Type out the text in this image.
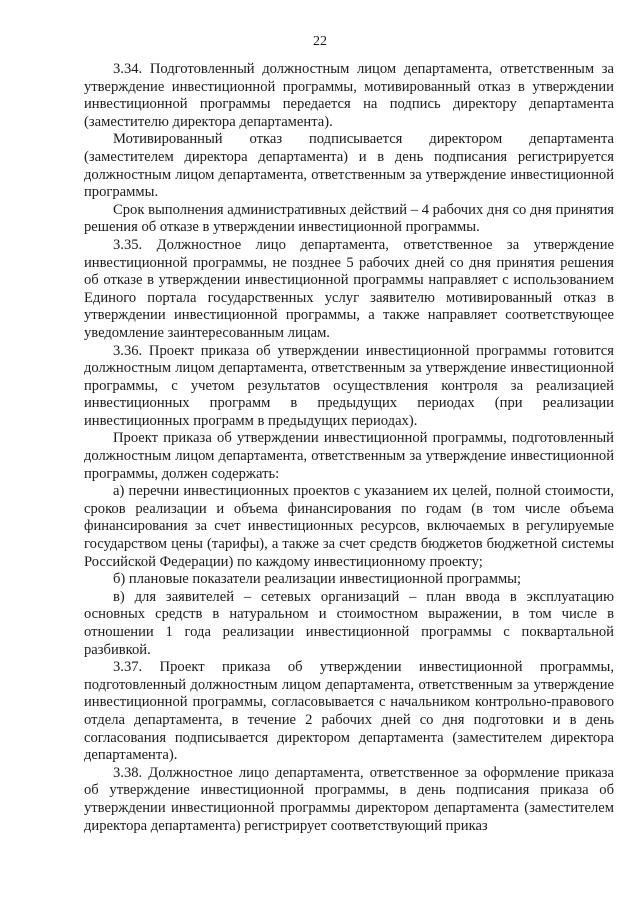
22

3.34. Подготовленный должностным лицом департамента, ответственным за утверждение инвестиционной программы, мотивированный отказ в утверждении инвестиционной программы передается на подпись директору департамента (заместителю директора департамента).

Мотивированный отказ подписывается директором департамента (заместителем директора департамента) и в день подписания регистрируется должностным лицом департамента, ответственным за утверждение инвестиционной программы.

Срок выполнения административных действий – 4 рабочих дня со дня принятия решения об отказе в утверждении инвестиционной программы.

3.35. Должностное лицо департамента, ответственное за утверждение инвестиционной программы, не позднее 5 рабочих дней со дня принятия решения об отказе в утверждении инвестиционной программы направляет с использованием Единого портала государственных услуг заявителю мотивированный отказ в утверждении инвестиционной программы, а также направляет соответствующее уведомление заинтересованным лицам.

3.36. Проект приказа об утверждении инвестиционной программы готовится должностным лицом департамента, ответственным за утверждение инвестиционной программы, с учетом результатов осуществления контроля за реализацией инвестиционных программ в предыдущих периодах (при реализации инвестиционных программ в предыдущих периодах).

Проект приказа об утверждении инвестиционной программы, подготовленный должностным лицом департамента, ответственным за утверждение инвестиционной программы, должен содержать:

а) перечни инвестиционных проектов с указанием их целей, полной стоимости, сроков реализации и объема финансирования по годам (в том числе объема финансирования за счет инвестиционных ресурсов, включаемых в регулируемые государством цены (тарифы), а также за счет средств бюджетов бюджетной системы Российской Федерации) по каждому инвестиционному проекту;

б) плановые показатели реализации инвестиционной программы;

в) для заявителей – сетевых организаций – план ввода в эксплуатацию основных средств в натуральном и стоимостном выражении, в том числе в отношении 1 года реализации инвестиционной программы с поквартальной разбивкой.

3.37. Проект приказа об утверждении инвестиционной программы, подготовленный должностным лицом департамента, ответственным за утверждение инвестиционной программы, согласовывается с начальником контрольно-правового отдела департамента, в течение 2 рабочих дней со дня подготовки и в день согласования подписывается директором департамента (заместителем директора департамента).

3.38. Должностное лицо департамента, ответственное за оформление приказа об утверждение инвестиционной программы, в день подписания приказа об утверждении инвестиционной программы директором департамента (заместителем директора департамента) регистрирует соответствующий приказ
